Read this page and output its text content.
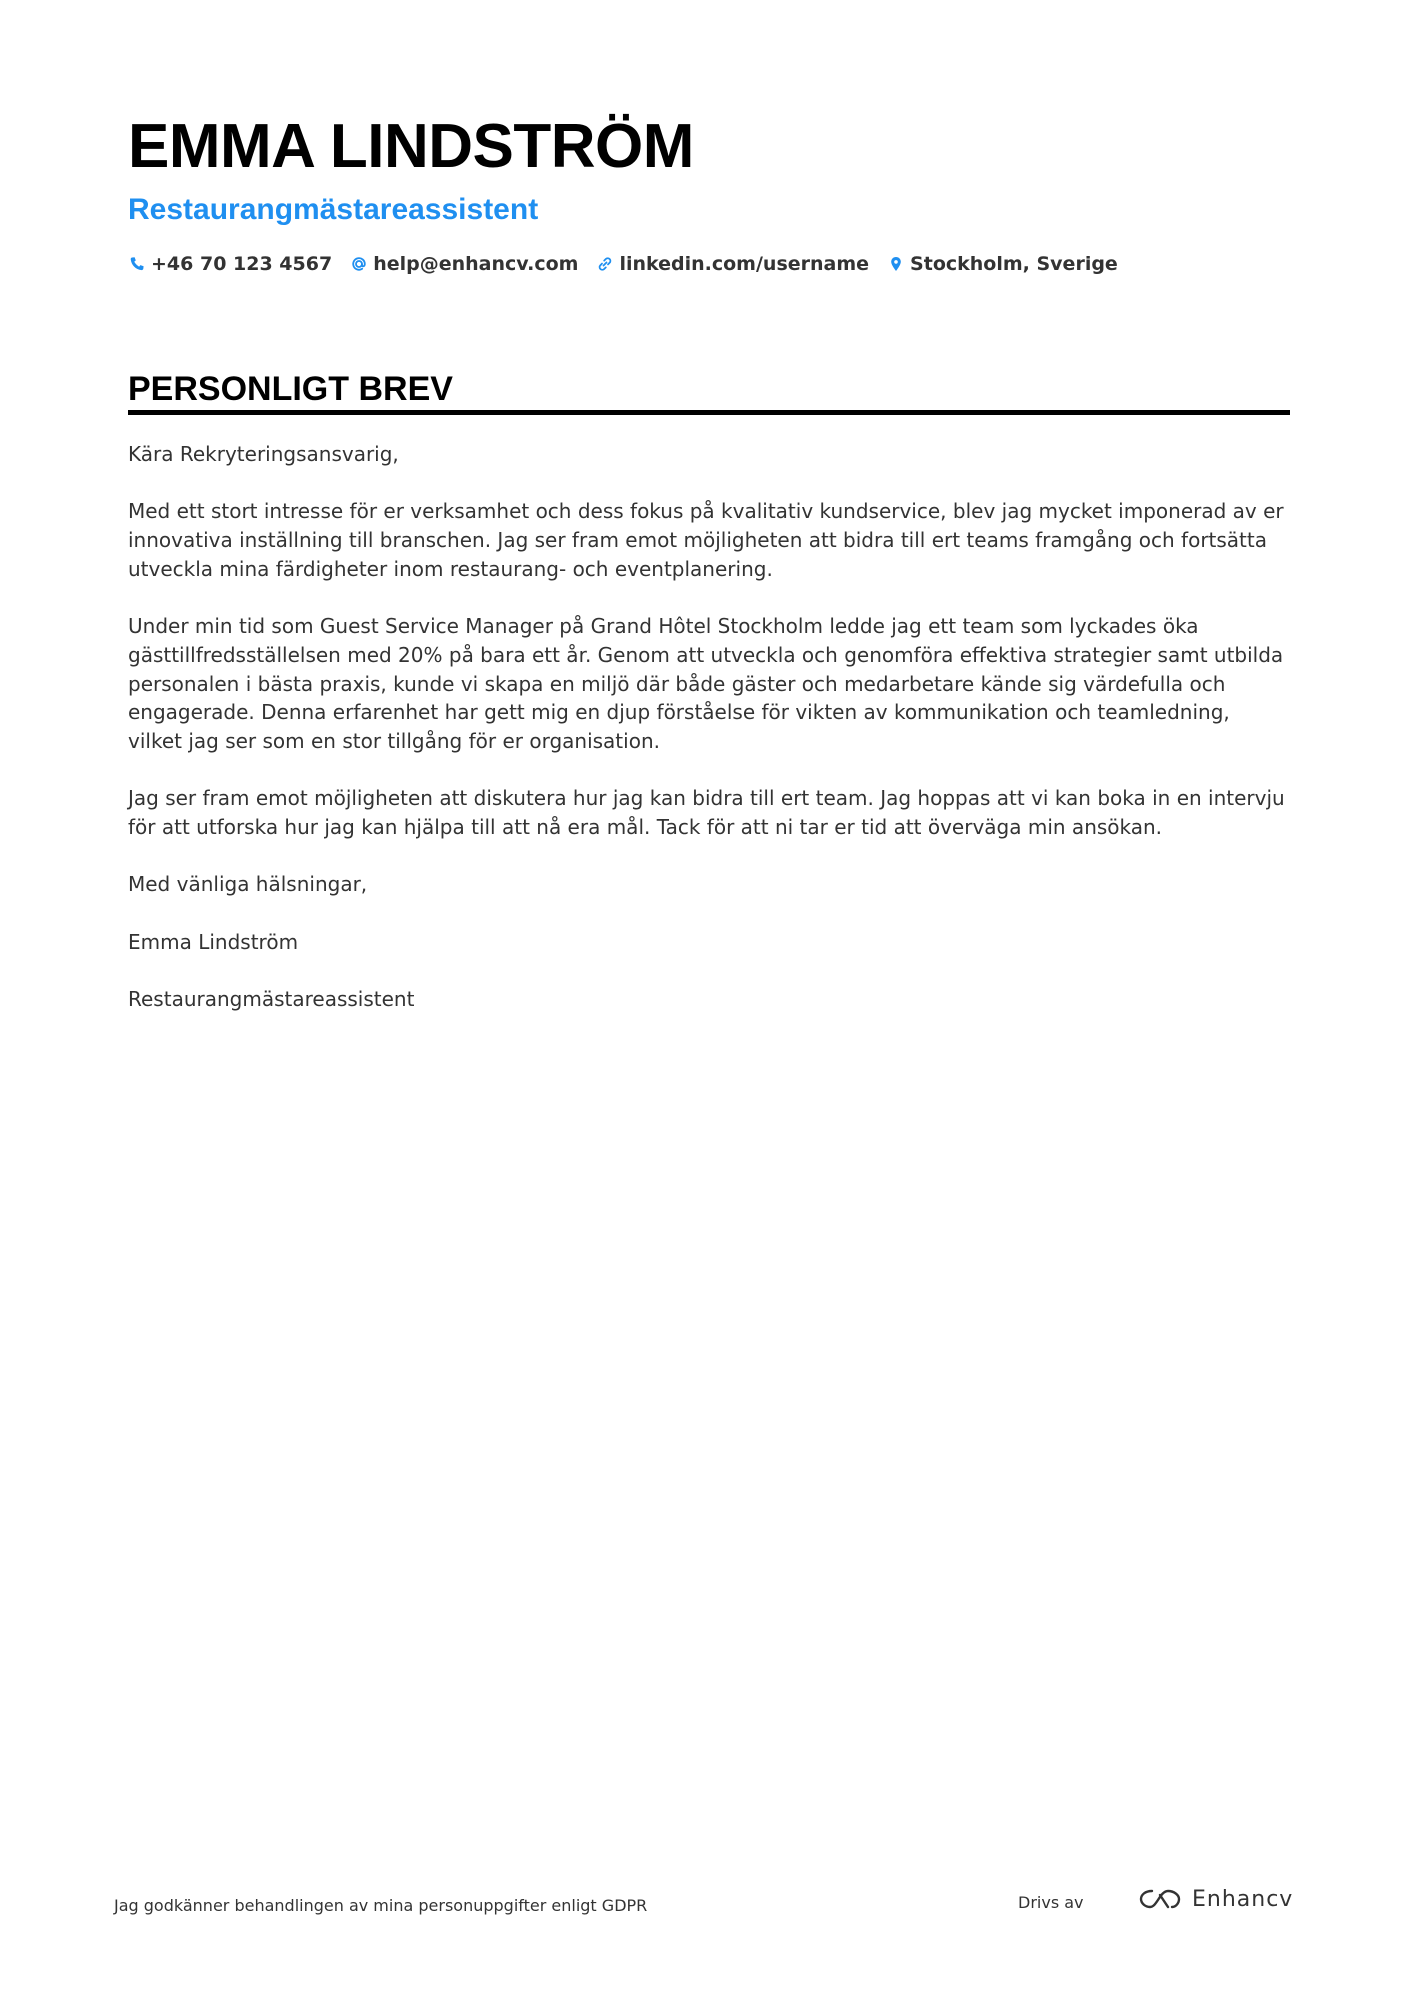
EMMA LINDSTRÖM
Restaurangmästareassistent
+46 70 123 4567 help@enhancv.com linkedin.com/username Stockholm, Sverige
PERSONLIGT BREV

Kära Rekryteringsansvarig,

Med ett stort intresse för er verksamhet och dess fokus på kvalitativ kundservice, blev jag mycket imponerad av er innovativa inställning till branschen. Jag ser fram emot möjligheten att bidra till ert teams framgång och fortsätta utveckla mina färdigheter inom restaurang- och eventplanering.

Under min tid som Guest Service Manager på Grand Hôtel Stockholm ledde jag ett team som lyckades öka gästtillfredsställelsen med 20% på bara ett år. Genom att utveckla och genomföra effektiva strategier samt utbilda personalen i bästa praxis, kunde vi skapa en miljö där både gäster och medarbetare kände sig värdefulla och engagerade. Denna erfarenhet har gett mig en djup förståelse för vikten av kommunikation och teamledning, vilket jag ser som en stor tillgång för er organisation.

Jag ser fram emot möjligheten att diskutera hur jag kan bidra till ert team. Jag hoppas att vi kan boka in en intervju för att utforska hur jag kan hjälpa till att nå era mål. Tack för att ni tar er tid att överväga min ansökan.

Med vänliga hälsningar,

Emma Lindström

Restaurangmästareassistent

Jag godkänner behandlingen av mina personuppgifter enligt GDPR	Drivs av	Enhancv
